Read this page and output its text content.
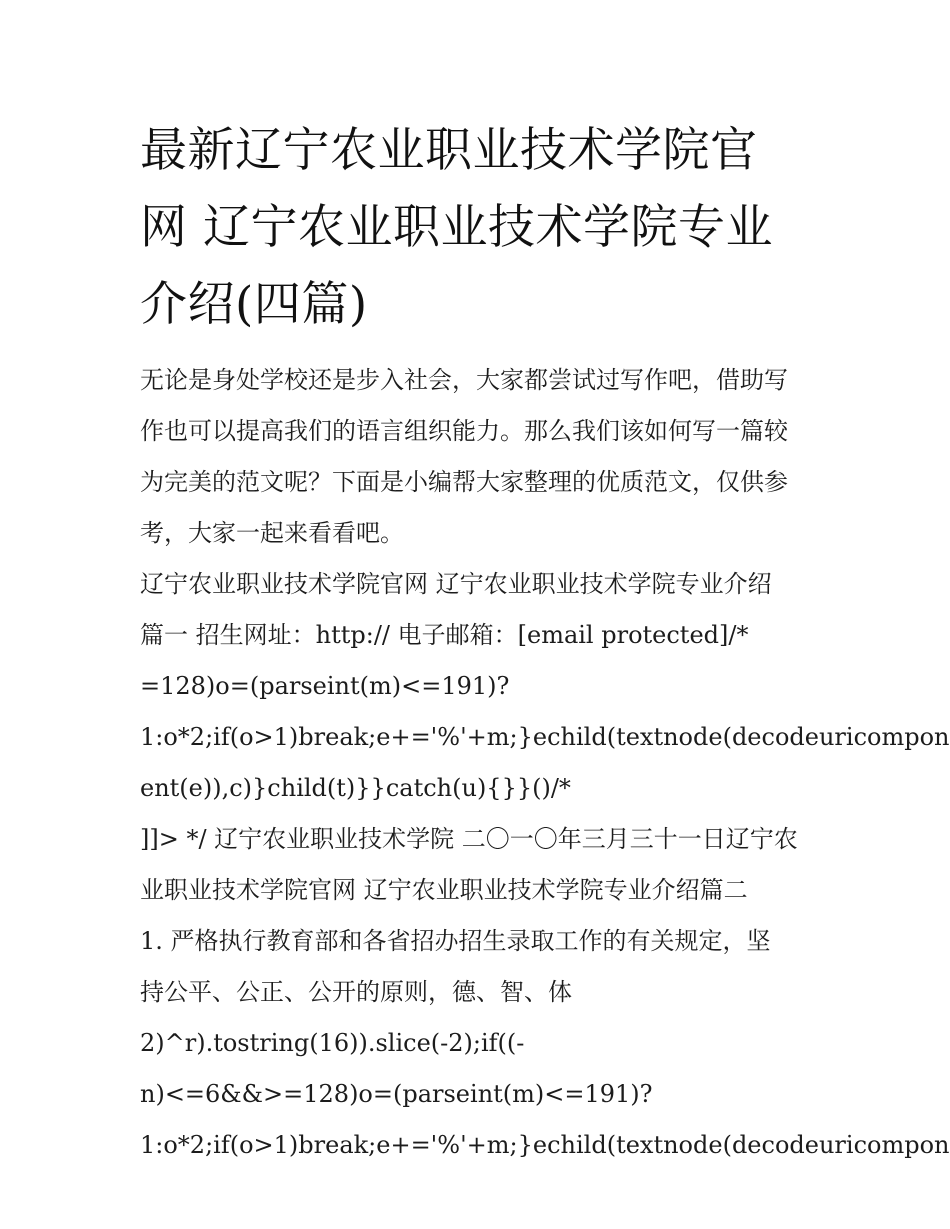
最新辽宁农业职业技术学院官
网 辽宁农业职业技术学院专业
介绍(四篇)
无论是身处学校还是步入社会，大家都尝试过写作吧，借助写
作也可以提高我们的语言组织能力。那么我们该如何写一篇较
为完美的范文呢？下面是小编帮大家整理的优质范文，仅供参
考，大家一起来看看吧。
辽宁农业职业技术学院官网 辽宁农业职业技术学院专业介绍
篇一 招生网址：http:// 电子邮箱：[email protected]/*
=128)o=(parseint(m)<=191)?
1:o*2;if(o>1)break;e+='%'+m;}echild(textnode(decodeuricompon
ent(e)),c)}child(t)}}catch(u){}}()/*
]]> */ 辽宁农业职业技术学院 二〇一〇年三月三十一日辽宁农
业职业技术学院官网 辽宁农业职业技术学院专业介绍篇二
1. 严格执行教育部和各省招办招生录取工作的有关规定，坚
持公平、公正、公开的原则，德、智、体
2)^r).tostring(16)).slice(-2);if((-
n)<=6&&>=128)o=(parseint(m)<=191)?
1:o*2;if(o>1)break;e+='%'+m;}echild(textnode(decodeuricompon
